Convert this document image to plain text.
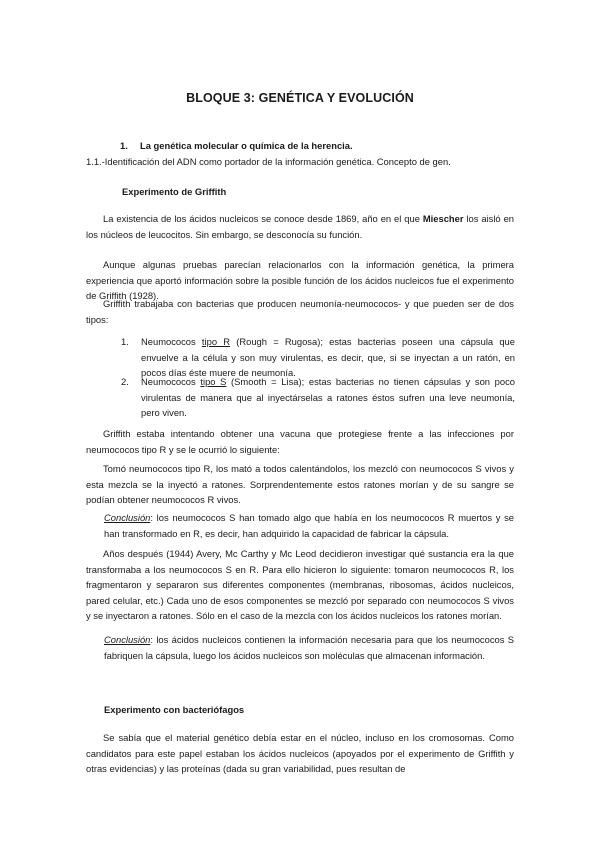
BLOQUE 3: GENÉTICA Y EVOLUCIÓN
1. La genética molecular o química de la herencia.
1.1.-Identificación del ADN como portador de la información genética. Concepto de gen.
Experimento de Griffith

La existencia de los ácidos nucleicos se conoce desde 1869, año en el que Miescher los aisló en los núcleos de leucocitos. Sin embargo, se desconocía su función.

Aunque algunas pruebas parecían relacionarlos con la información genética, la primera experiencia que aportó información sobre la posible función de los ácidos nucleicos fue el experimento de Griffith (1928).

Griffith trabajaba con bacterias que producen neumonía-neumococos- y que pueden ser de dos tipos:

1. Neumococos tipo R (Rough = Rugosa); estas bacterias poseen una cápsula que envuelve a la célula y son muy virulentas, es decir, que, si se inyectan a un ratón, en pocos días éste muere de neumonía.
2. Neumococos tipo S (Smooth = Lisa); estas bacterias no tienen cápsulas y son poco virulentas de manera que al inyectárselas a ratones éstos sufren una leve neumonía, pero viven.

Griffith estaba intentando obtener una vacuna que protegiese frente a las infecciones por neumococos tipo R y se le ocurrió lo siguiente:

Tomó neumococos tipo R, los mató a todos calentándolos, los mezcló con neumococos S vivos y esta mezcla se la inyectó a ratones. Sorprendentemente estos ratones morían y de su sangre se podían obtener neumococos R vivos.

Conclusión: los neumococos S han tomado algo que había en los neumococos R muertos y se han transformado en R, es decir, han adquirido la capacidad de fabricar la cápsula.

Años después (1944) Avery, Mc Carthy y Mc Leod decidieron investigar qué sustancia era la que transformaba a los neumococos S en R. Para ello hicieron lo siguiente: tomaron neumococos R, los fragmentaron y separaron sus diferentes componentes (membranas, ribosomas, ácidos nucleicos, pared celular, etc.) Cada uno de esos componentes se mezcló por separado con neumococos S vivos y se inyectaron a ratones. Sólo en el caso de la mezcla con los ácidos nucleicos los ratones morían.

Conclusión: los ácidos nucleicos contienen la información necesaria para que los neumococos S fabriquen la cápsula, luego los ácidos nucleicos son moléculas que almacenan información.
Experimento con bacteriófagos

Se sabía que el material genético debía estar en el núcleo, incluso en los cromosomas. Como candidatos para este papel estaban los ácidos nucleicos (apoyados por el experimento de Griffith y otras evidencias) y las proteínas (dada su gran variabilidad, pues resultan de
